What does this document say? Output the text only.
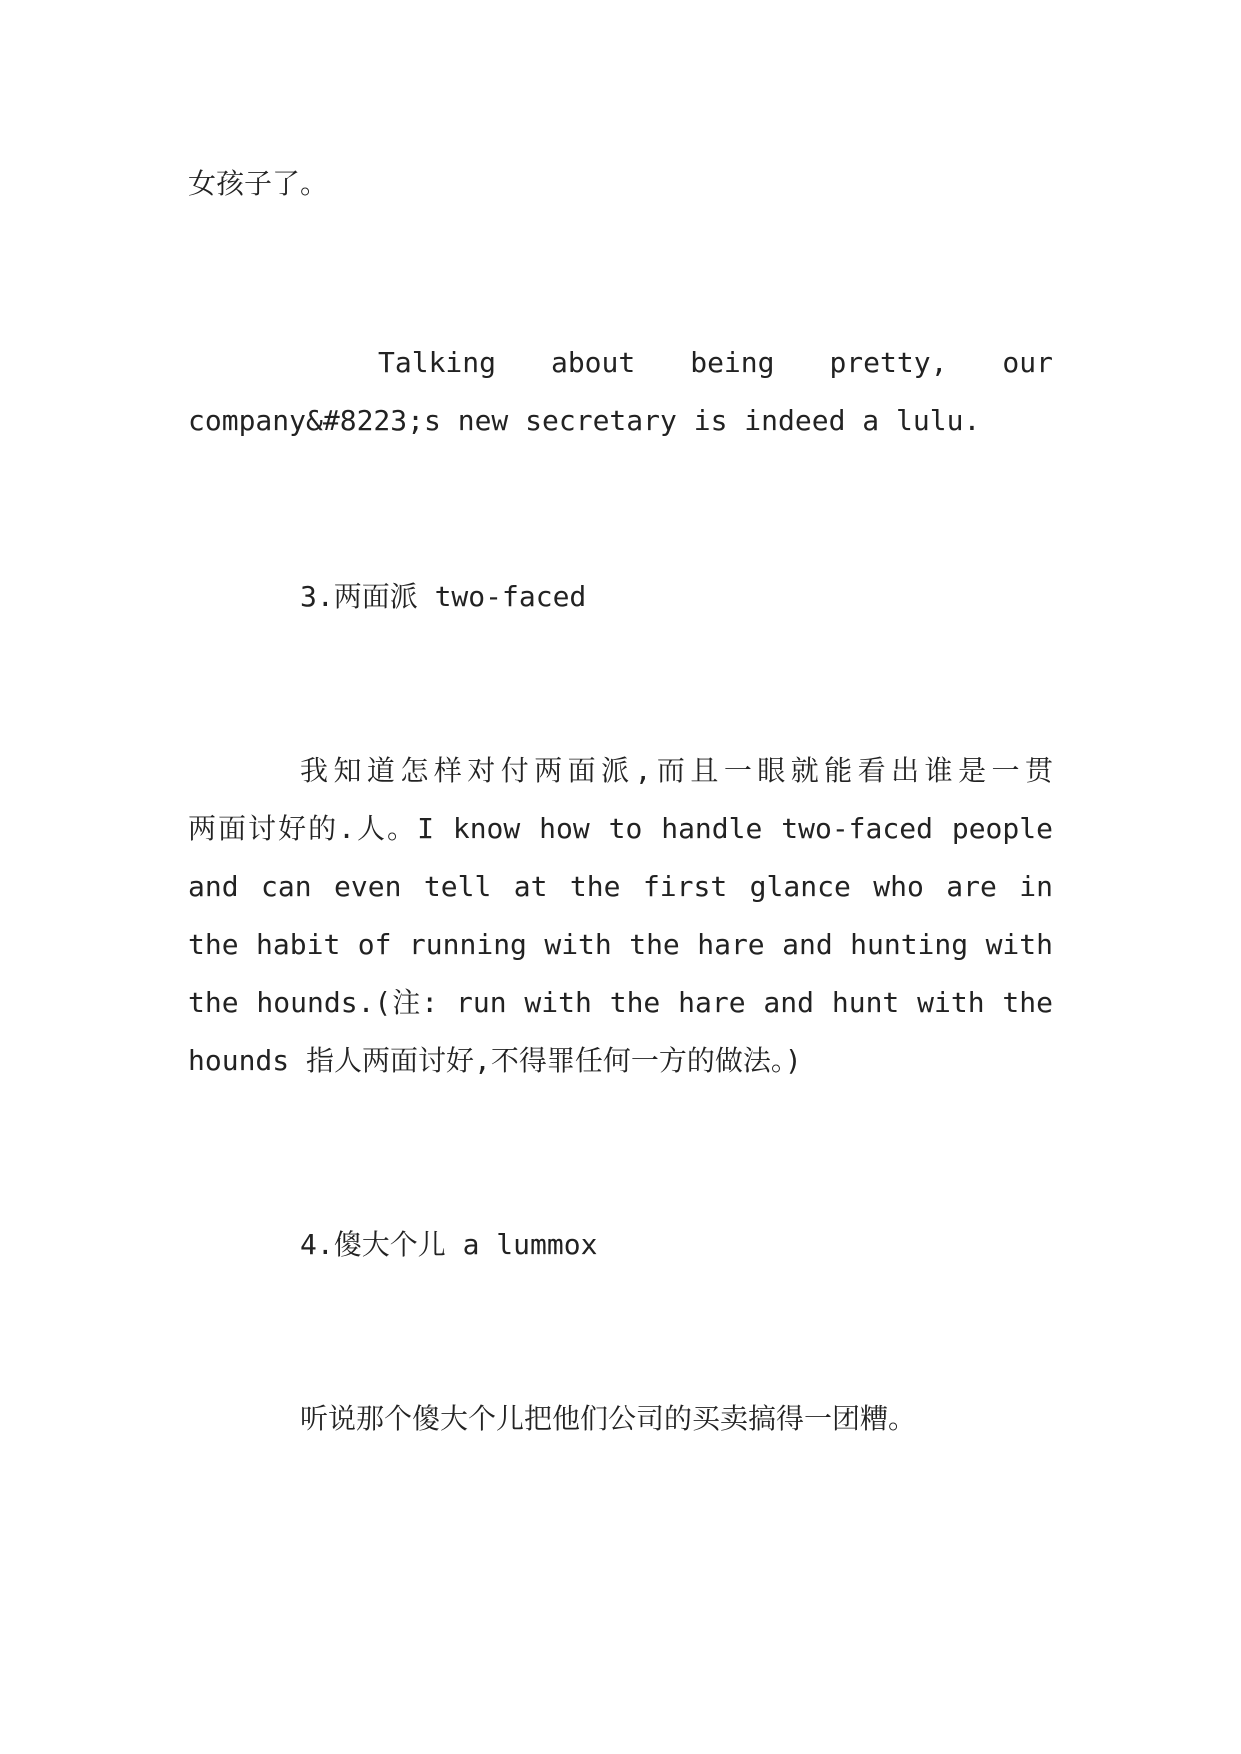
女孩子了。

Talking about being pretty, our
company&#8223;s new secretary is indeed a lulu.

3.两面派 two-faced

我知道怎样对付两面派,而且一眼就能看出谁是一贯
两面讨好的.人。I know how to handle two-faced people
and can even tell at the first glance who are in
the habit of running with the hare and hunting with
the hounds.(注: run with the hare and hunt with the
hounds 指人两面讨好,不得罪任何一方的做法。)

4.傻大个儿 a lummox

听说那个傻大个儿把他们公司的买卖搞得一团糟。
